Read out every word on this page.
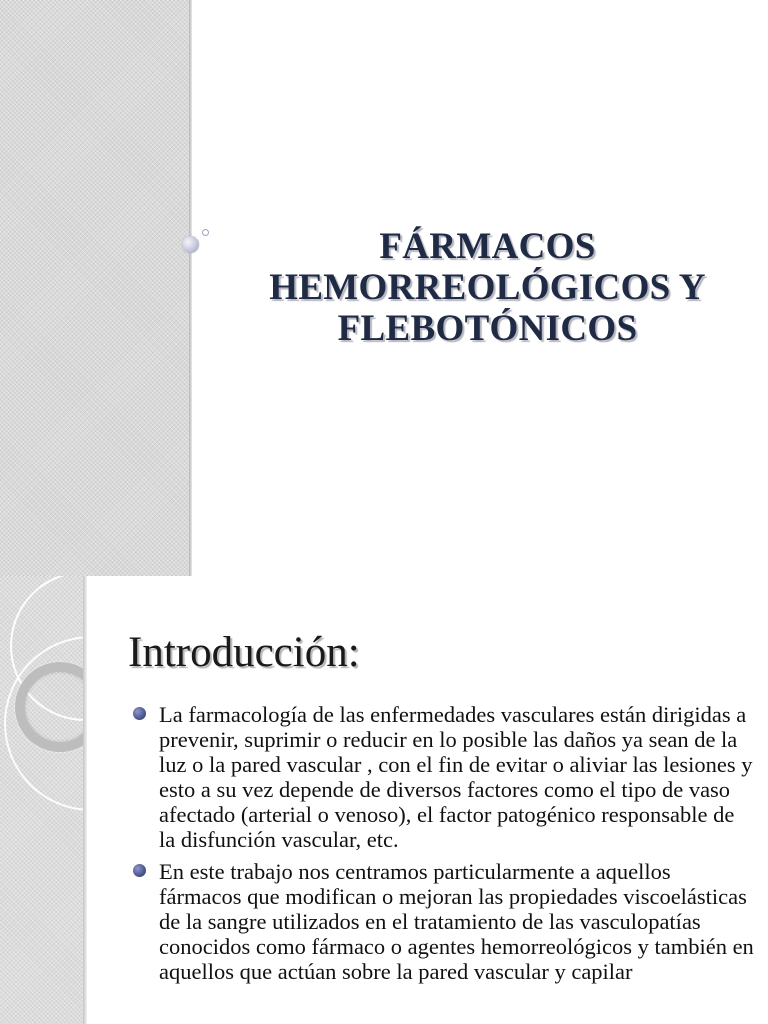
FÁRMACOS
HEMORREOLÓGICOS Y
FLEBOTÓNICOS
Introducción:
La farmacología de las enfermedades vasculares están dirigidas a prevenir, suprimir o reducir en lo posible las daños ya sean de la luz o la pared vascular , con el fin de evitar o aliviar las lesiones y esto a su vez depende de diversos factores como el tipo de vaso afectado (arterial o venoso), el factor patogénico responsable de la disfunción vascular, etc.
En este trabajo nos centramos particularmente a aquellos fármacos que modifican o mejoran las propiedades viscoelásticas de la sangre utilizados en el tratamiento de las vasculopatías conocidos como fármaco o agentes hemorreológicos y también en aquellos que actúan sobre la pared vascular y capilar
